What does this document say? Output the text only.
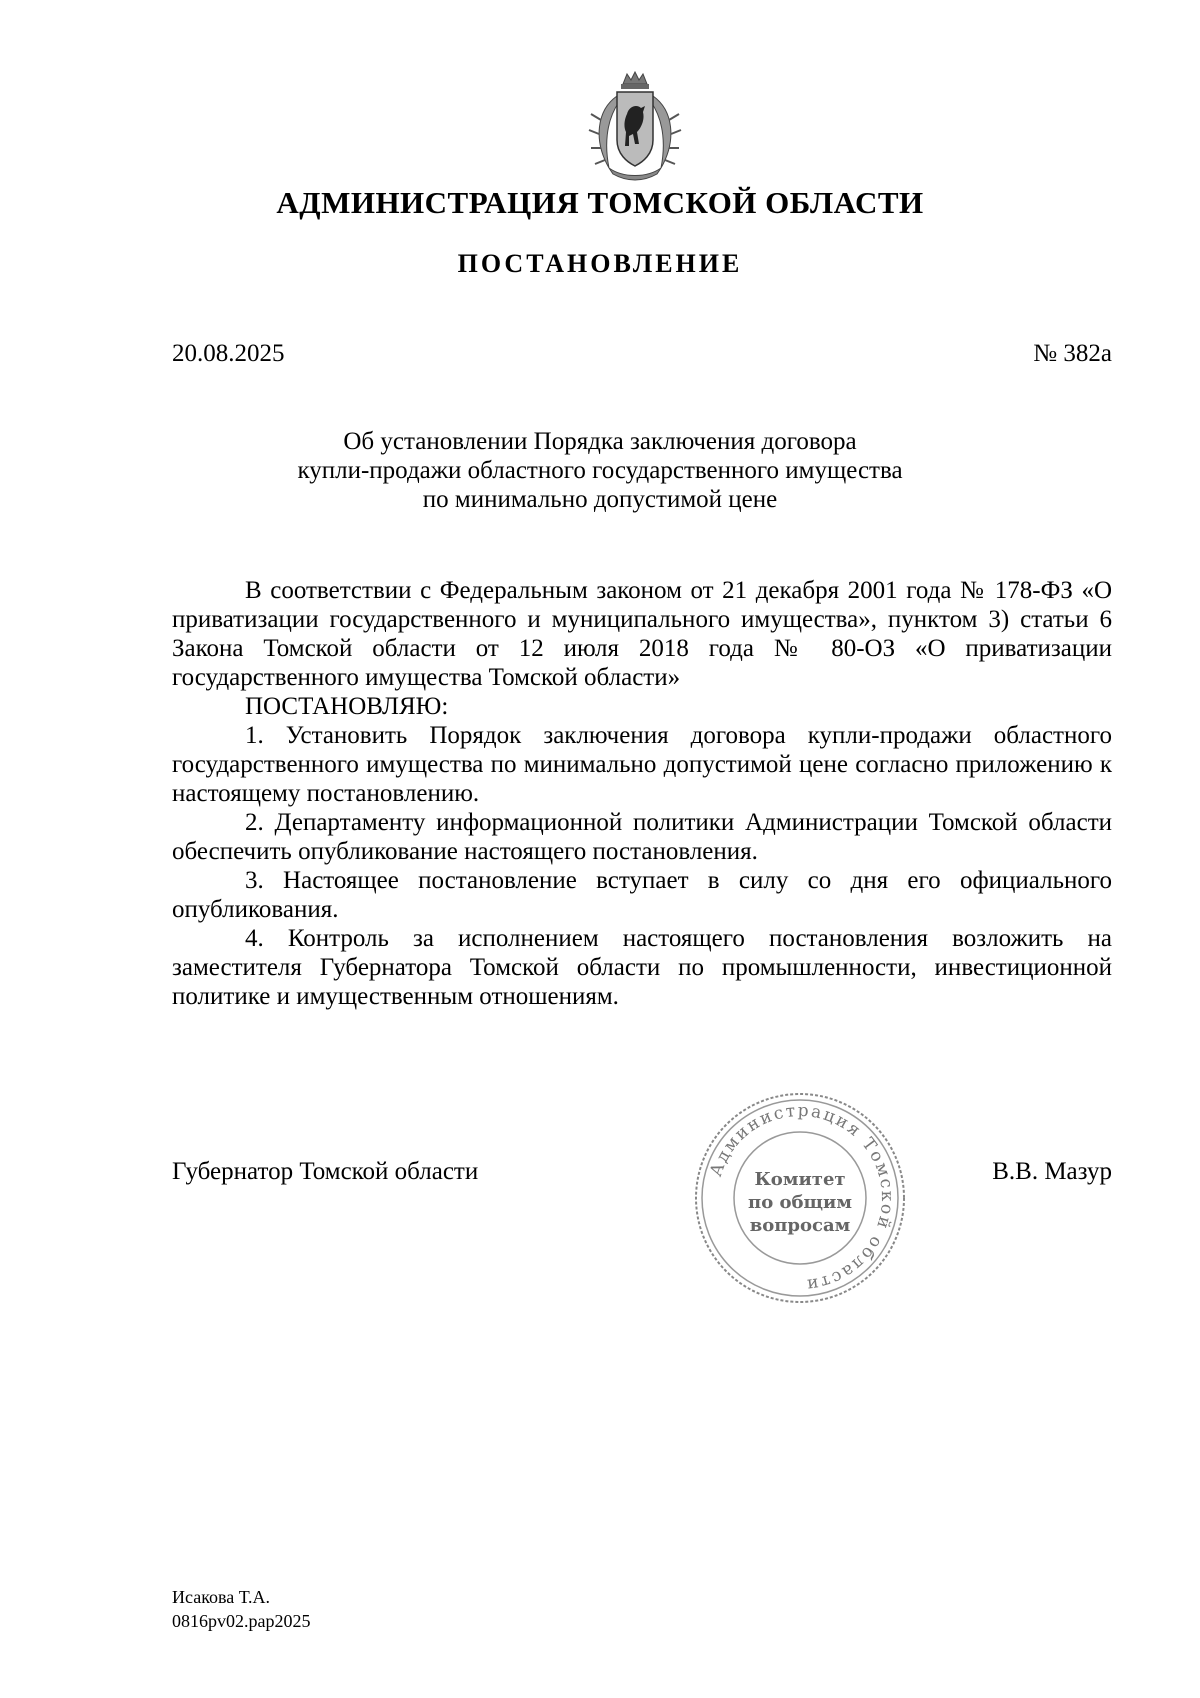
АДМИНИСТРАЦИЯ ТОМСКОЙ ОБЛАСТИ
ПОСТАНОВЛЕНИЕ
20.08.2025	№ 382а
Об установлении Порядка заключения договора
купли-продажи областного государственного имущества
по минимально допустимой цене

В соответствии с Федеральным законом от 21 декабря 2001 года № 178-ФЗ «О приватизации государственного и муниципального имущества», пунктом 3) статьи 6 Закона Томской области от 12 июля 2018 года № 80-ОЗ «О приватизации государственного имущества Томской области»

ПОСТАНОВЛЯЮ:

1. Установить Порядок заключения договора купли-продажи областного государственного имущества по минимально допустимой цене согласно приложению к настоящему постановлению.

2. Департаменту информационной политики Администрации Томской области обеспечить опубликование настоящего постановления.

3. Настоящее постановление вступает в силу со дня его официального опубликования.

4. Контроль за исполнением настоящего постановления возложить на заместителя Губернатора Томской области по промышленности, инвестиционной политике и имущественным отношениям.

Губернатор Томской области	В.В. Мазур
Администрация Томской области
Комитет
по общим
вопросам
Исакова Т.А.
0816pv02.рар2025
